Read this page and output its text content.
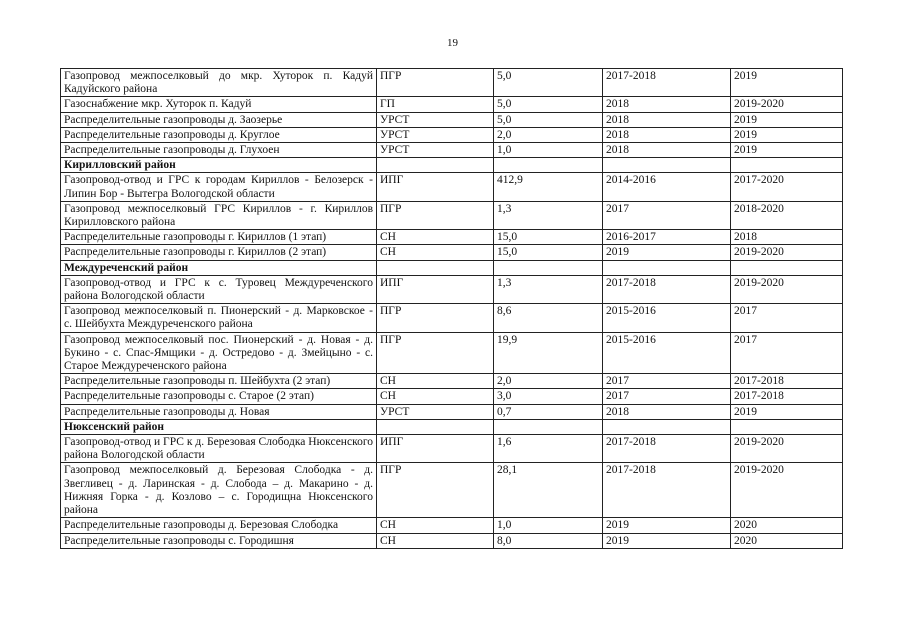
19
Газопровод межпоселковый до мкр. Хуторок п. Кадуй Кадуйского района	ПГР	5,0	2017-2018	2019
Газоснабжение мкр. Хуторок п. Кадуй	ГП	5,0	2018	2019-2020
Распределительные газопроводы д. Заозерье	УРСТ	5,0	2018	2019
Распределительные газопроводы д. Круглое	УРСТ	2,0	2018	2019
Распределительные газопроводы д. Глухоен	УРСТ	1,0	2018	2019
Кирилловский район				
Газопровод-отвод и ГРС к городам Кириллов - Белозерск - Липин Бор - Вытегра Вологодской области	ИПГ	412,9	2014-2016	2017-2020
Газопровод межпоселковый ГРС Кириллов - г. Кириллов Кирилловского района	ПГР	1,3	2017	2018-2020
Распределительные газопроводы г. Кириллов (1 этап)	СН	15,0	2016-2017	2018
Распределительные газопроводы г. Кириллов (2 этап)	СН	15,0	2019	2019-2020
Междуреченский район				
Газопровод-отвод и ГРС к с. Туровец Междуреченского района Вологодской области	ИПГ	1,3	2017-2018	2019-2020
Газопровод межпоселковый п. Пионерский - д. Марковское - с. Шейбухта Междуреченского района	ПГР	8,6	2015-2016	2017
Газопровод межпоселковый пос. Пионерский - д. Новая - д. Букино - с. Спас-Ямщики - д. Остредово - д. Змейцыно - с. Старое Междуреченского района	ПГР	19,9	2015-2016	2017
Распределительные газопроводы п. Шейбухта (2 этап)	СН	2,0	2017	2017-2018
Распределительные газопроводы с. Старое (2 этап)	СН	3,0	2017	2017-2018
Распределительные газопроводы д. Новая	УРСТ	0,7	2018	2019
Нюксенский район				
Газопровод-отвод и ГРС к д. Березовая Слободка Нюксенского района Вологодской области	ИПГ	1,6	2017-2018	2019-2020
Газопровод межпоселковый д. Березовая Слободка - д. Звегливец - д. Ларинская - д. Слобода – д. Макарино - д. Нижняя Горка - д. Козлово – с. Городищна Нюксенского района	ПГР	28,1	2017-2018	2019-2020
Распределительные газопроводы д. Березовая Слободка	СН	1,0	2019	2020
Распределительные газопроводы с. Городишня	СН	8,0	2019	2020
